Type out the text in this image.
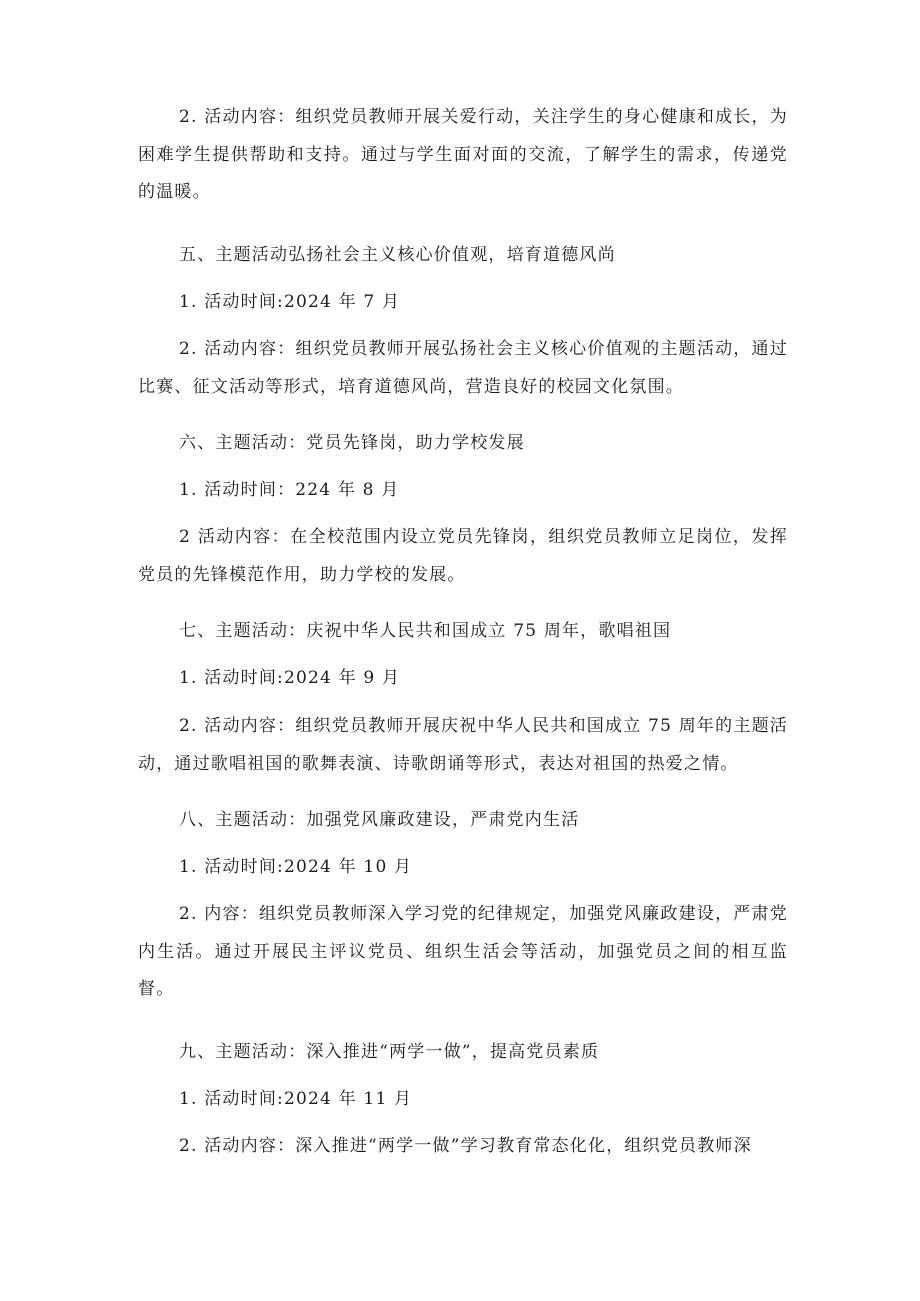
2. 活动内容：组织党员教师开展关爱行动，关注学生的身心健康和成长，为困难学生提供帮助和支持。通过与学生面对面的交流，了解学生的需求，传递党的温暖。

五、主题活动弘扬社会主义核心价值观，培育道德风尚

1. 活动时间:2024 年 7 月

2. 活动内容：组织党员教师开展弘扬社会主义核心价值观的主题活动，通过比赛、征文活动等形式，培育道德风尚，营造良好的校园文化氛围。

六、主题活动：党员先锋岗，助力学校发展

1. 活动时间：224 年 8 月

2 活动内容：在全校范围内设立党员先锋岗，组织党员教师立足岗位，发挥党员的先锋模范作用，助力学校的发展。

七、主题活动：庆祝中华人民共和国成立 75 周年，歌唱祖国

1. 活动时间:2024 年 9 月

2. 活动内容：组织党员教师开展庆祝中华人民共和国成立 75 周年的主题活动，通过歌唱祖国的歌舞表演、诗歌朗诵等形式，表达对祖国的热爱之情。

八、主题活动：加强党风廉政建设，严肃党内生活

1. 活动时间:2024 年 10 月

2. 内容：组织党员教师深入学习党的纪律规定，加强党风廉政建设，严肃党内生活。通过开展民主评议党员、组织生活会等活动，加强党员之间的相互监督。

九、主题活动：深入推进“两学一做”，提高党员素质

1. 活动时间:2024 年 11 月

2. 活动内容：深入推进“两学一做”学习教育常态化化，组织党员教师深
